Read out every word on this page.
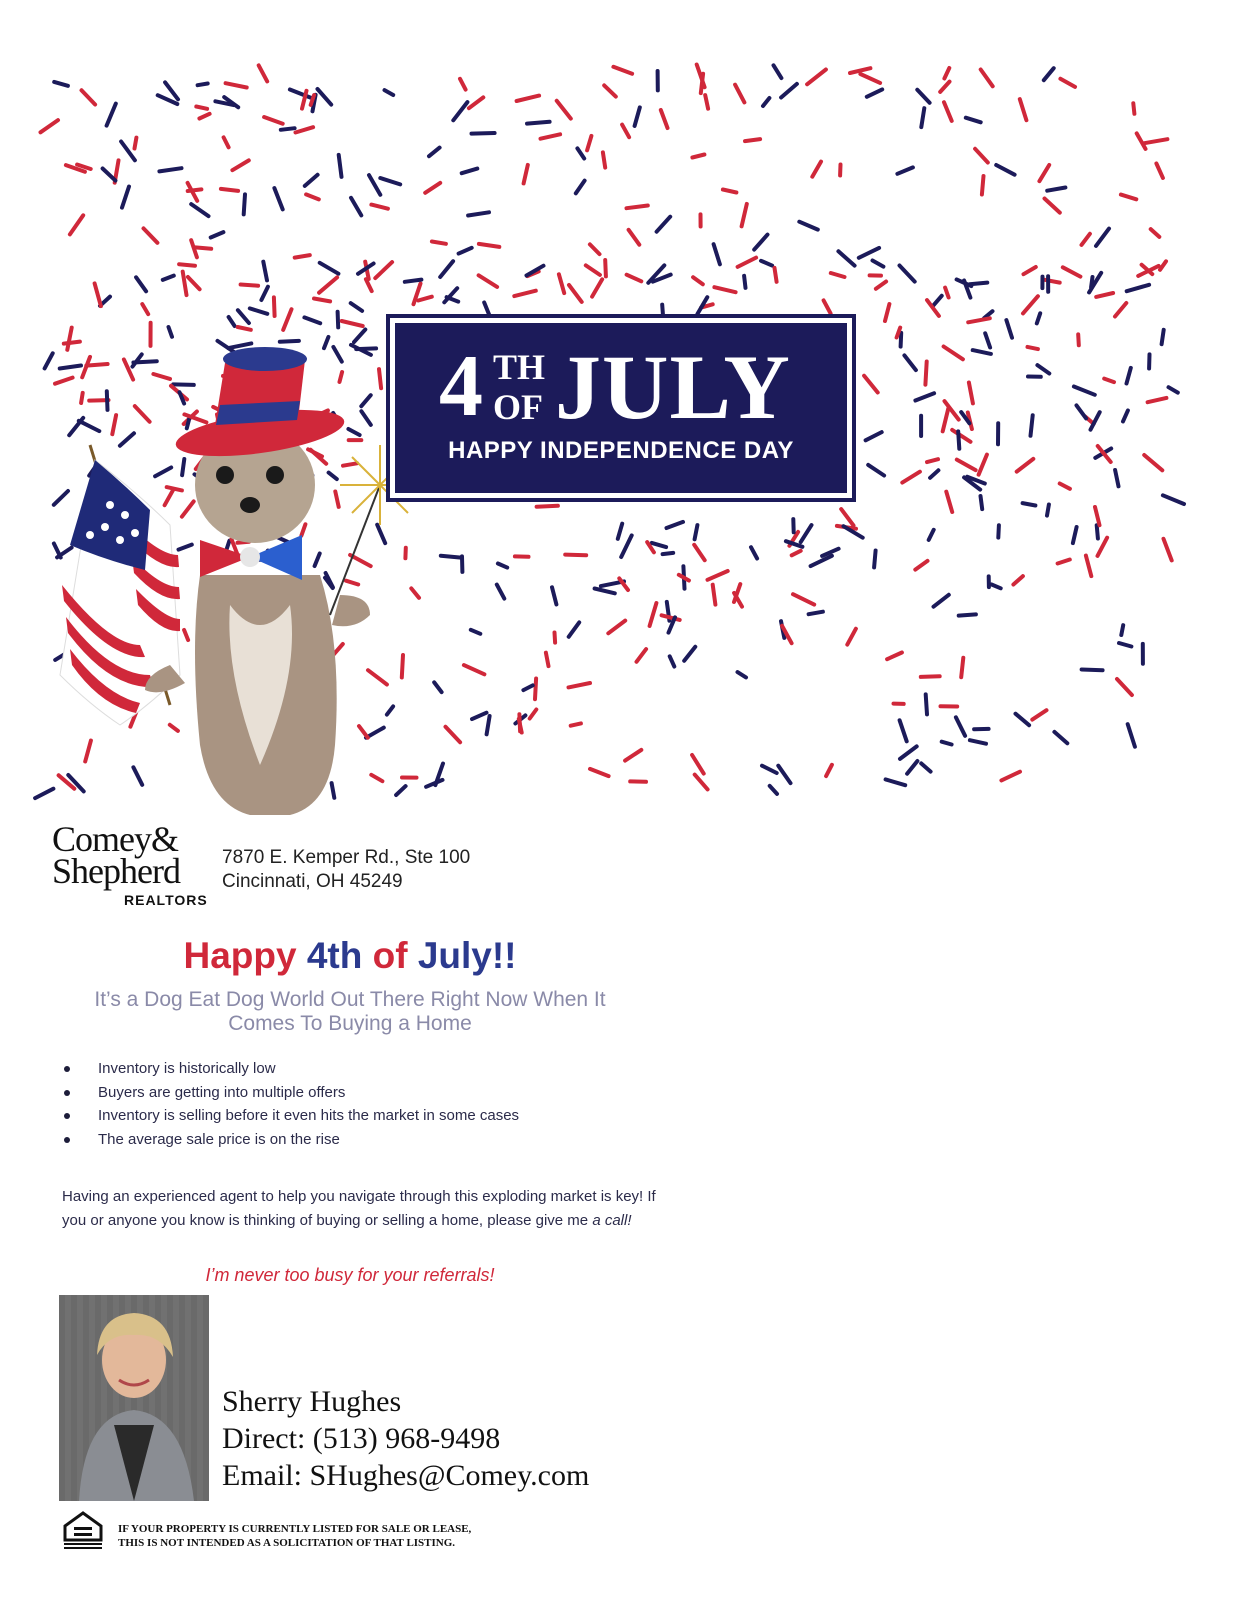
4 TH
OF JULY
HAPPY INDEPENDENCE DAY
Comey&
Shepherd
REALTORS
7870 E. Kemper Rd., Ste 100
Cincinnati, OH 45249
Happy 4th of July!!
It’s a Dog Eat Dog World Out There Right Now When It
Comes To Buying a Home
Inventory is historically low
Buyers are getting into multiple offers
Inventory is selling before it even hits the market in some cases
The average sale price is on the rise

Having an experienced agent to help you navigate through this exploding market is key! If you or anyone you know is thinking of buying or selling a home, please give me a call!

I’m never too busy for your referrals!
Sherry Hughes
Direct: (513) 968-9498
Email: SHughes@Comey.com
IF YOUR PROPERTY IS CURRENTLY LISTED FOR SALE OR LEASE,
THIS IS NOT INTENDED AS A SOLICITATION OF THAT LISTING.
